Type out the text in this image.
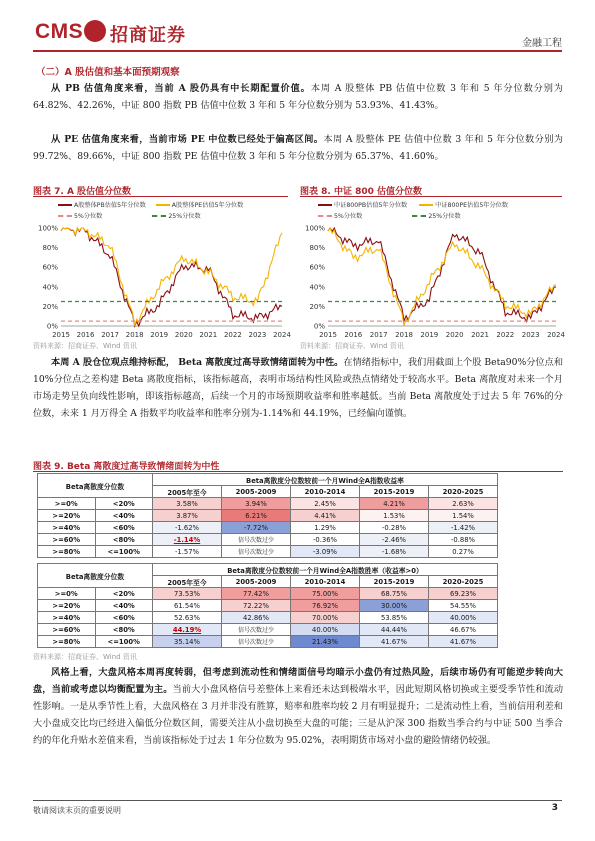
CMS 招商证券	金融工程
（二）A 股估值和基本面预期观察
从 PB 估值角度来看，当前 A 股仍具有中长期配置价值。本周 A 股整体 PB 估值中位数 3 年和 5 年分位数分别为 64.82%、42.26%，中证 800 指数 PB 估值中位数 3 年和 5 年分位数分别为 53.93%、41.43%。
从 PE 估值角度来看，当前市场 PE 中位数已经处于偏高区间。本周 A 股整体 PE 估值中位数 3 年和 5 年分位数分别为 99.72%、89.66%，中证 800 指数 PE 估值中位数 3 年和 5 年分位数分别为 65.37%、41.60%。
图表 7. A 股估值分位数
A股整体PB估值5年分位数	A股整体PE估值5年分位数
5%分位数	25%分位数
0%
20%
40%
60%
80%
100%
2015 2016 2017 2018 2019 2020 2021 2022 2023 2024
资料来源：招商证券、Wind 资讯
图表 8. 中证 800 估值分位数
中证800PB估值5年分位数	中证800PE估值5年分位数
5%分位数	25%分位数
0%
20%
40%
60%
80%
100%
2015 2016 2017 2018 2019 2020 2021 2022 2023 2024
资料来源：招商证券、Wind 资讯
本周 A 股仓位观点维持标配， Beta 离散度过高导致情绪面转为中性。在情绪指标中，我们用截面上个股 Beta90%分位点和 10%分位点之差构建 Beta 离散度指标，该指标越高，表明市场结构性风险或热点情绪处于较高水平。Beta 离散度对未来一个月市场走势呈负向线性影响，即该指标越高，后续一个月的市场预期收益率和胜率越低。当前 Beta 离散度处于过去 5 年 76%的分位数，未来 1 月万得全 A 指数平均收益率和胜率分别为-1.14%和 44.19%，已经偏向谨慎。
图表 9. Beta 离散度过高导致情绪面转为中性
Beta离散度分位数		Beta离散度分位数较前一个月Wind全A指数收益率				
		2005年至今	2005-2009	2010-2014	2015-2019	2020-2025
>=0%	<20%	3.58%	3.94%	2.45%	4.21%	2.63%
>=20%	<40%	3.87%	6.21%	4.41%	1.53%	1.54%
>=40%	<60%	-1.62%	-7.72%	1.29%	-0.28%	-1.42%
>=60%	<80%	-1.14%	信号次数过少	-0.36%	-2.46%	-0.88%
>=80%	<=100%	-1.57%	信号次数过少	-3.09%	-1.68%	0.27%
Beta离散度分位数		Beta离散度分位数较前一个月Wind全A指数胜率（收益率>0）				
		2005年至今	2005-2009	2010-2014	2015-2019	2020-2025
>=0%	<20%	73.53%	77.42%	75.00%	68.75%	69.23%
>=20%	<40%	61.54%	72.22%	76.92%	30.00%	54.55%
>=40%	<60%	52.63%	42.86%	70.00%	53.85%	40.00%
>=60%	<80%	44.19%	信号次数过少	40.00%	44.44%	46.67%
>=80%	<=100%	35.14%	信号次数过少	21.43%	41.67%	41.67%
资料来源：招商证券、Wind 资讯
风格上看，大盘风格本周再度转弱，但考虑到流动性和情绪面信号均暗示小盘仍有过热风险，后续市场仍有可能逆步转向大盘，当前或考虑以均衡配置为主。当前大小盘风格信号差整体上来看还未达到极端水平，因此短期风格切换或主要受季节性和流动性影响。一是从季节性上看，大盘风格在 3 月并非没有胜算，赔率和胜率均较 2 月有明显提升；二是流动性上看，当前信用利差和大小盘成交比均已经进入偏低分位数区间，需要关注从小盘切换至大盘的可能；三是从沪深 300 指数当季合约与中证 500 当季合约的年化升贴水差值来看，当前该指标处于过去 1 年分位数为 95.02%，表明期货市场对小盘的避险情绪仍较强。
敬请阅读末页的重要说明	3
